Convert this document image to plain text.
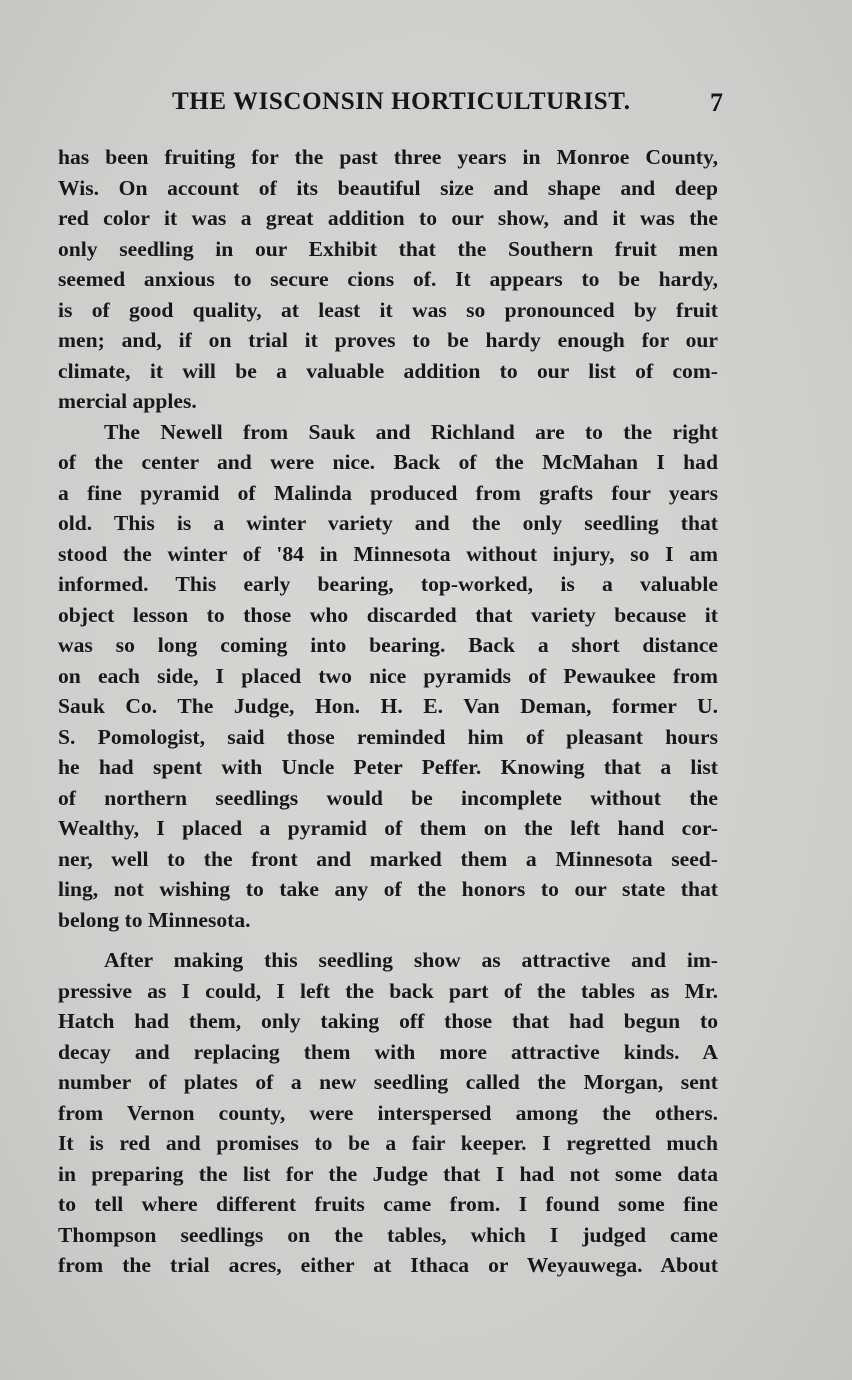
THE WISCONSIN HORTICULTURIST.	7
has been fruiting for the past three years in Monroe County,
Wis. On account of its beautiful size and shape and deep
red color it was a great addition to our show, and it was the
only seedling in our Exhibit that the Southern fruit men
seemed anxious to secure cions of. It appears to be hardy,
is of good quality, at least it was so pronounced by fruit
men; and, if on trial it proves to be hardy enough for our
climate, it will be a valuable addition to our list of com-
mercial apples.
The Newell from Sauk and Richland are to the right
of the center and were nice. Back of the McMahan I had
a fine pyramid of Malinda produced from grafts four years
old. This is a winter variety and the only seedling that
stood the winter of '84 in Minnesota without injury, so I am
informed. This early bearing, top-worked, is a valuable
object lesson to those who discarded that variety because it
was so long coming into bearing. Back a short distance
on each side, I placed two nice pyramids of Pewaukee from
Sauk Co. The Judge, Hon. H. E. Van Deman, former U.
S. Pomologist, said those reminded him of pleasant hours
he had spent with Uncle Peter Peffer. Knowing that a list
of northern seedlings would be incomplete without the
Wealthy, I placed a pyramid of them on the left hand cor-
ner, well to the front and marked them a Minnesota seed-
ling, not wishing to take any of the honors to our state that
belong to Minnesota.
After making this seedling show as attractive and im-
pressive as I could, I left the back part of the tables as Mr.
Hatch had them, only taking off those that had begun to
decay and replacing them with more attractive kinds. A
number of plates of a new seedling called the Morgan, sent
from Vernon county, were interspersed among the others.
It is red and promises to be a fair keeper. I regretted much
in preparing the list for the Judge that I had not some data
to tell where different fruits came from. I found some fine
Thompson seedlings on the tables, which I judged came
from the trial acres, either at Ithaca or Weyauwega. About
